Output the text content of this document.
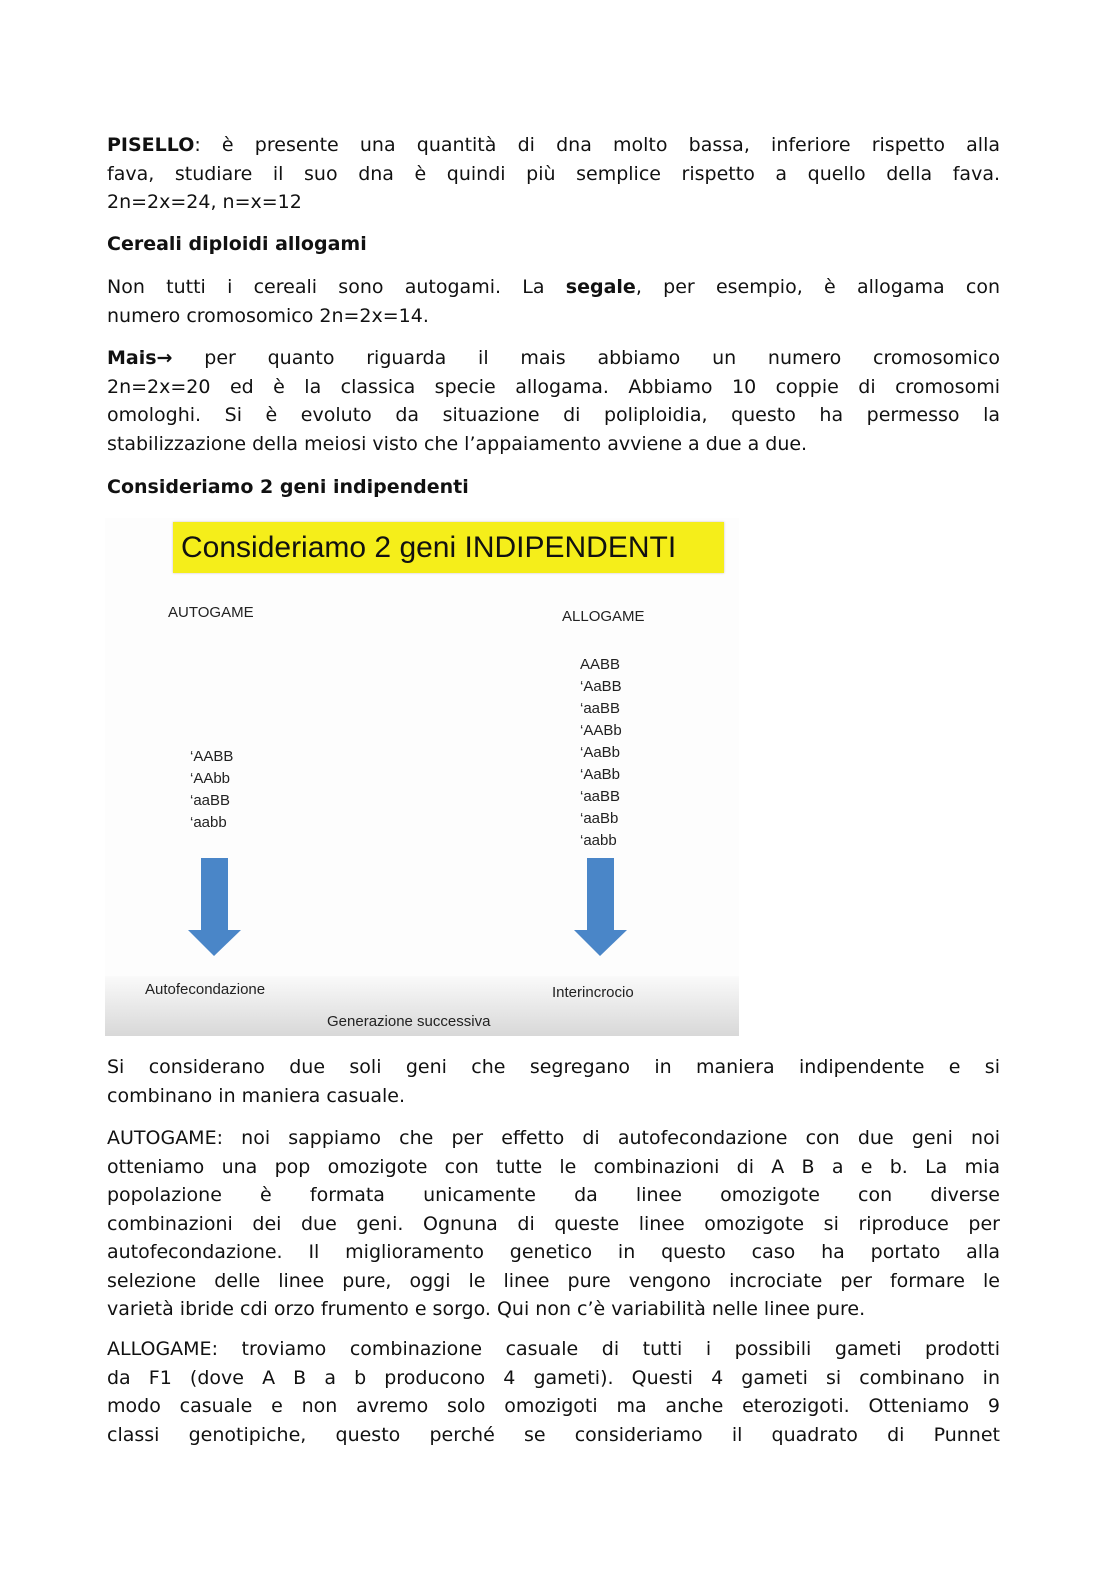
PISELLO: è presente una quantità di dna molto bassa, inferiore rispetto alla
fava, studiare il suo dna è quindi più semplice rispetto a quello della fava.
2n=2x=24, n=x=12
Cereali diploidi allogami
Non tutti i cereali sono autogami. La segale, per esempio, è allogama con
numero cromosomico 2n=2x=14.
Mais→ per quanto riguarda il mais abbiamo un numero cromosomico
2n=2x=20 ed è la classica specie allogama. Abbiamo 10 coppie di cromosomi
omologhi. Si è evoluto da situazione di poliploidia, questo ha permesso la
stabilizzazione della meiosi visto che l’appaiamento avviene a due a due.
Consideriamo 2 geni indipendenti
Consideriamo 2 geni INDIPENDENTI
AUTOGAME	ALLOGAME
‘AABB
‘AAbb
‘aaBB
‘aabb
AABB
‘AaBB
‘aaBB
‘AABb
‘AaBb
‘AaBb
‘aaBB
‘aaBb
‘aabb
Autofecondazione	Interincrocio
Generazione successiva
Si considerano due soli geni che segregano in maniera indipendente e si
combinano in maniera casuale.
AUTOGAME: noi sappiamo che per effetto di autofecondazione con due geni noi
otteniamo una pop omozigote con tutte le combinazioni di A B a e b. La mia
popolazione è formata unicamente da linee omozigote con diverse
combinazioni dei due geni. Ognuna di queste linee omozigote si riproduce per
autofecondazione. Il miglioramento genetico in questo caso ha portato alla
selezione delle linee pure, oggi le linee pure vengono incrociate per formare le
varietà ibride cdi orzo frumento e sorgo. Qui non c’è variabilità nelle linee pure.
ALLOGAME: troviamo combinazione casuale di tutti i possibili gameti prodotti
da F1 (dove A B a b producono 4 gameti). Questi 4 gameti si combinano in
modo casuale e non avremo solo omozigoti ma anche eterozigoti. Otteniamo 9
classi genotipiche, questo perché se consideriamo il quadrato di Punnet
